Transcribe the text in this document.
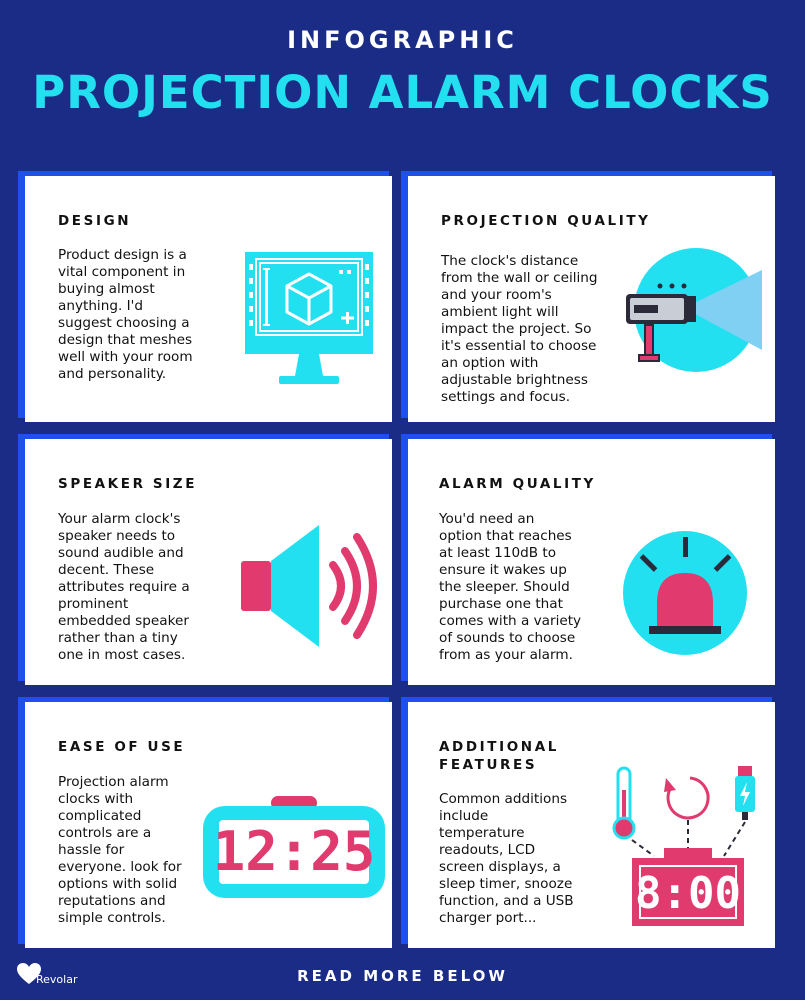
INFOGRAPHIC
PROJECTION ALARM CLOCKS
DESIGN

Product design is a
vital component in
buying almost
anything. I'd
suggest choosing a
design that meshes
well with your room
and personality.

PROJECTION QUALITY

The clock's distance
from the wall or ceiling
and your room's
ambient light will
impact the project. So
it's essential to choose
an option with
adjustable brightness
settings and focus.

SPEAKER SIZE

Your alarm clock's
speaker needs to
sound audible and
decent. These
attributes require a
prominent
embedded speaker
rather than a tiny
one in most cases.

ALARM QUALITY

You'd need an
option that reaches
at least 110dB to
ensure it wakes up
the sleeper. Should
purchase one that
comes with a variety
of sounds to choose
from as your alarm.

EASE OF USE

Projection alarm
clocks with
complicated
controls are a
hassle for
everyone. look for
options with solid
reputations and
simple controls.

12:25
ADDITIONAL
FEATURES

Common additions
include
temperature
readouts, LCD
screen displays, a
sleep timer, snooze
function, and a USB
charger port...	8:00
Revolar	READ MORE BELOW
